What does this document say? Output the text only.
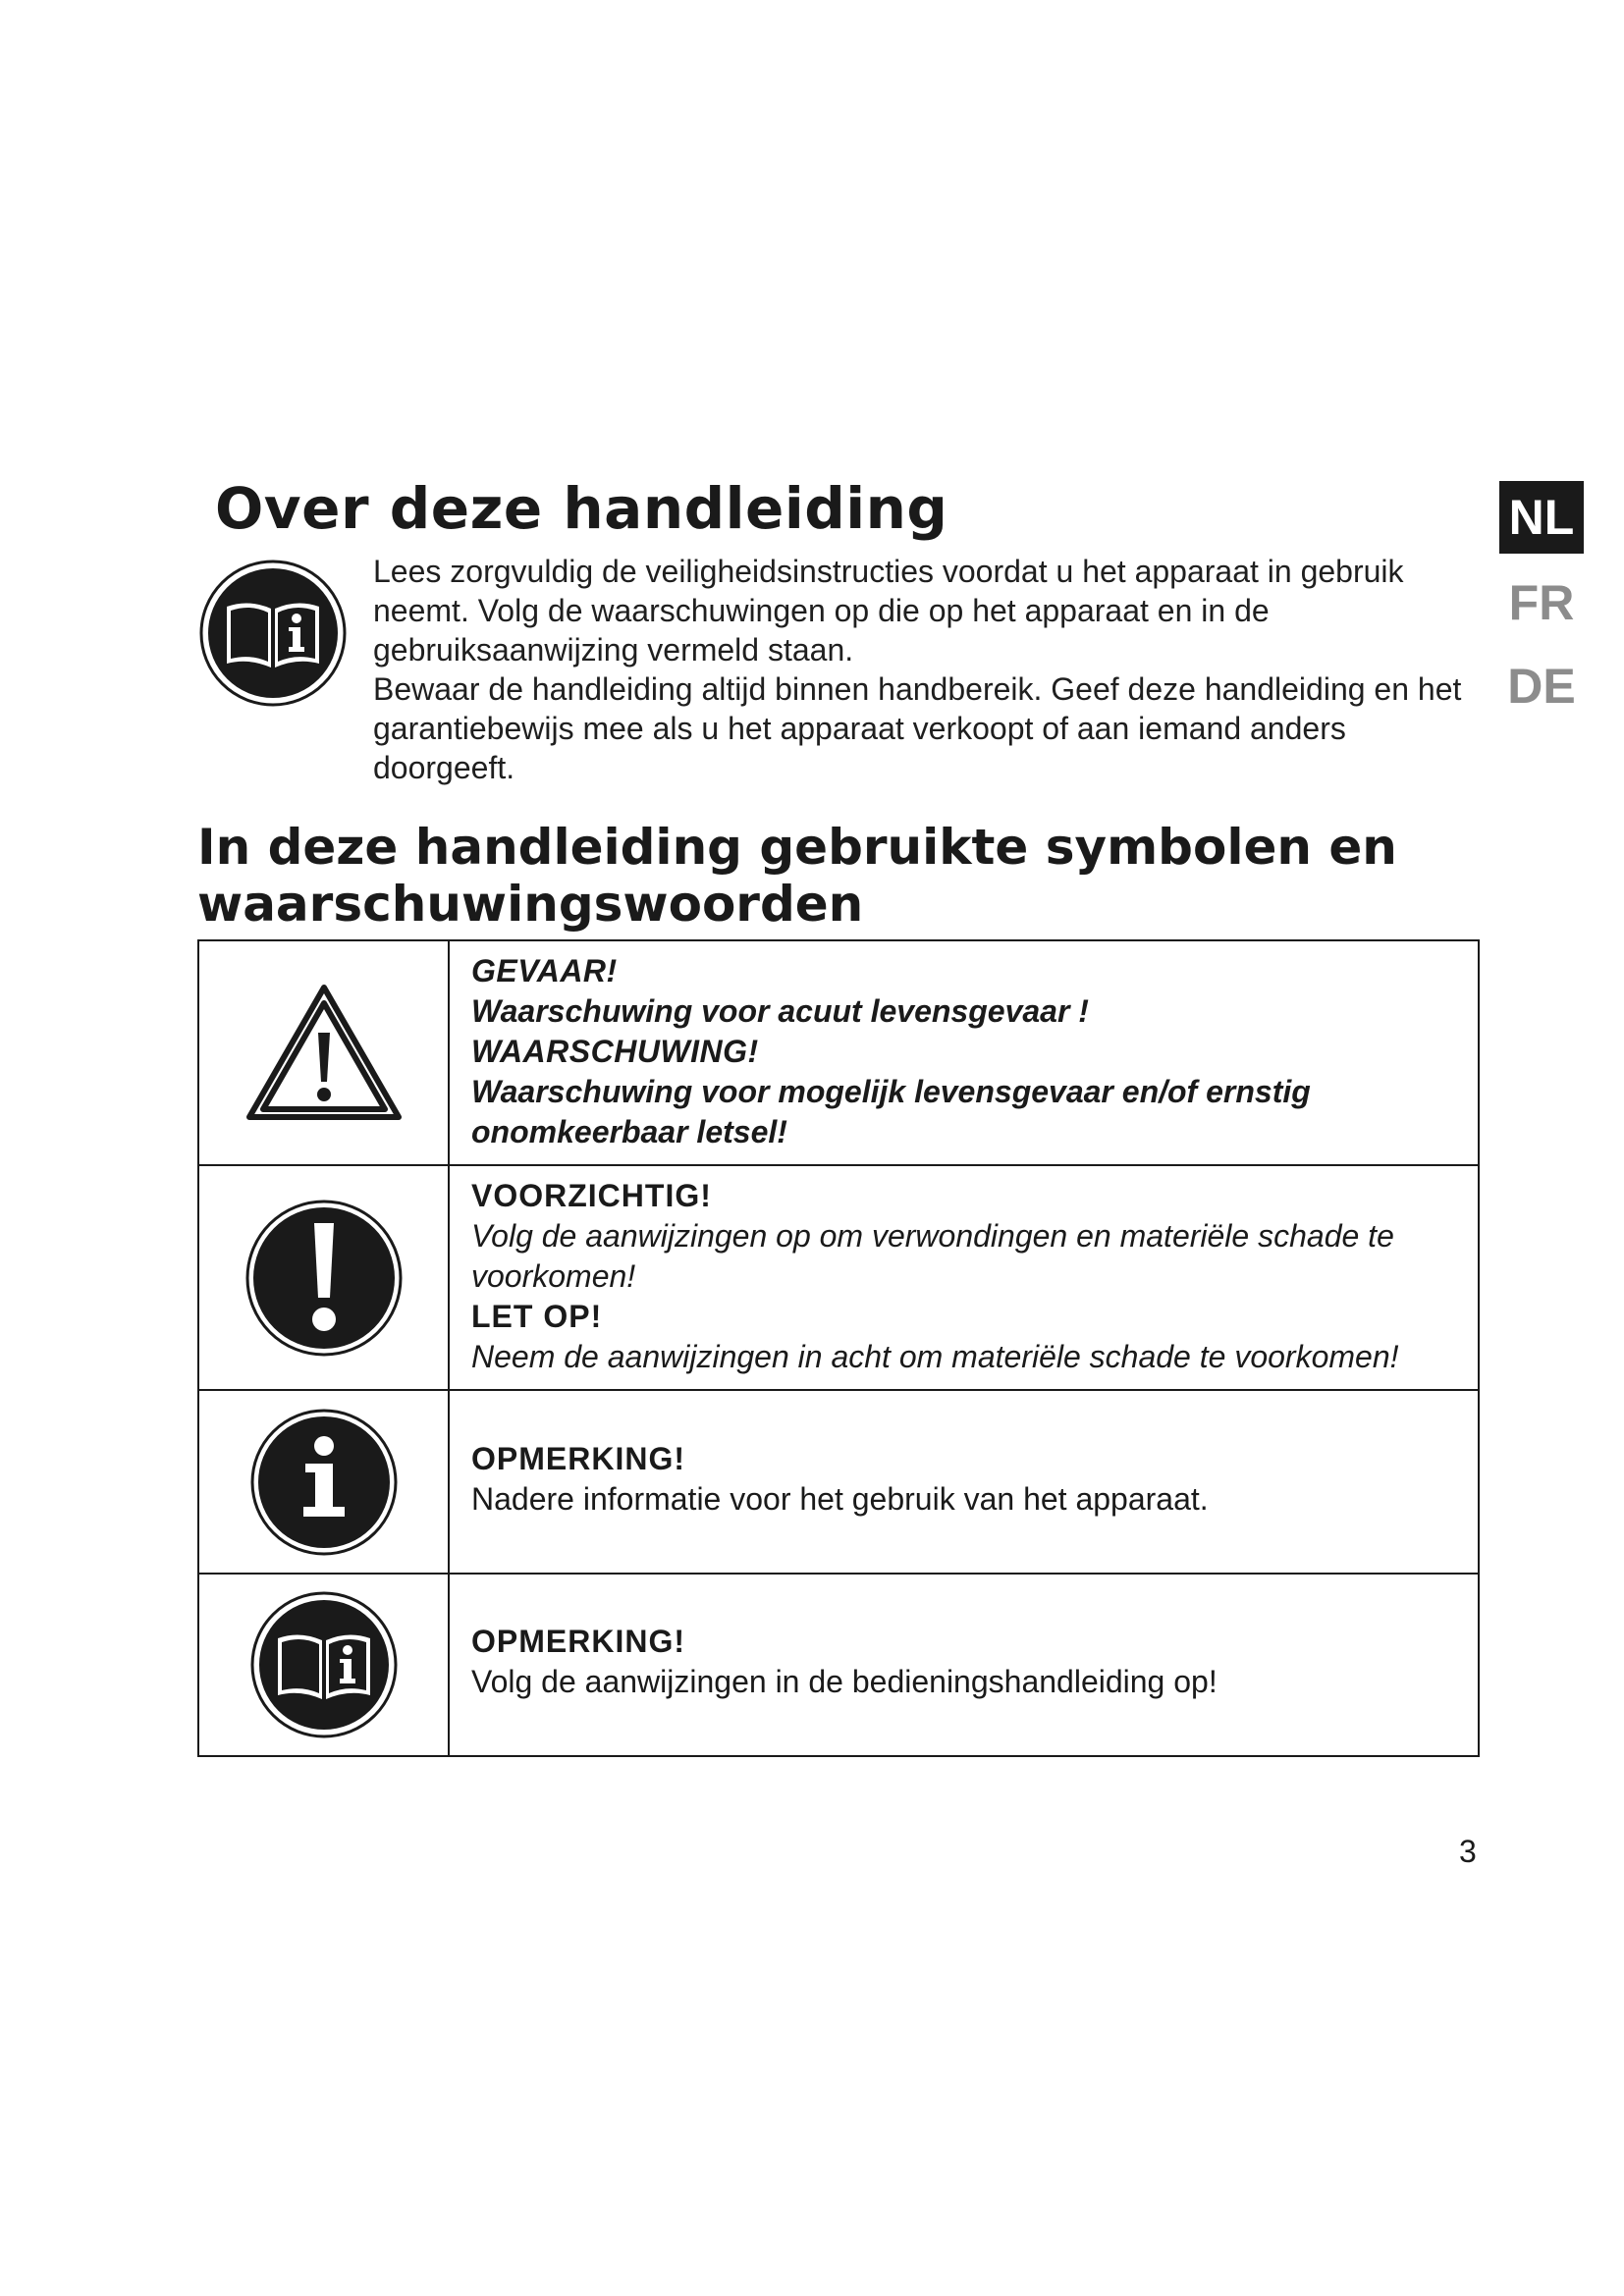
Over deze handleiding	NL
FR
DE

Lees zorgvuldig de veiligheidsinstructies voordat u het apparaat in gebruik neemt. Volg de waarschuwingen op die op het apparaat en in de gebruiksaanwijzing vermeld staan.

Bewaar de handleiding altijd binnen handbereik. Geef deze handleiding en het garantiebewijs mee als u het apparaat verkoopt of aan iemand anders doorgeeft.

In deze handleiding gebruikte symbolen en waarschuwingswoorden

GEVAAR!
Waarschuwing voor acuut levensgevaar !
WAARSCHUWING!
Waarschuwing voor mogelijk levensgevaar en/of ernstig onomkeerbaar letsel!

VOORZICHTIG!
Volg de aanwijzingen op om verwondingen en materiële schade te voorkomen!
LET OP!
Neem de aanwijzingen in acht om materiële schade te voorkomen!

OPMERKING!
Nadere informatie voor het gebruik van het apparaat.

OPMERKING!
Volg de aanwijzingen in de bedieningshandleiding op!
3
